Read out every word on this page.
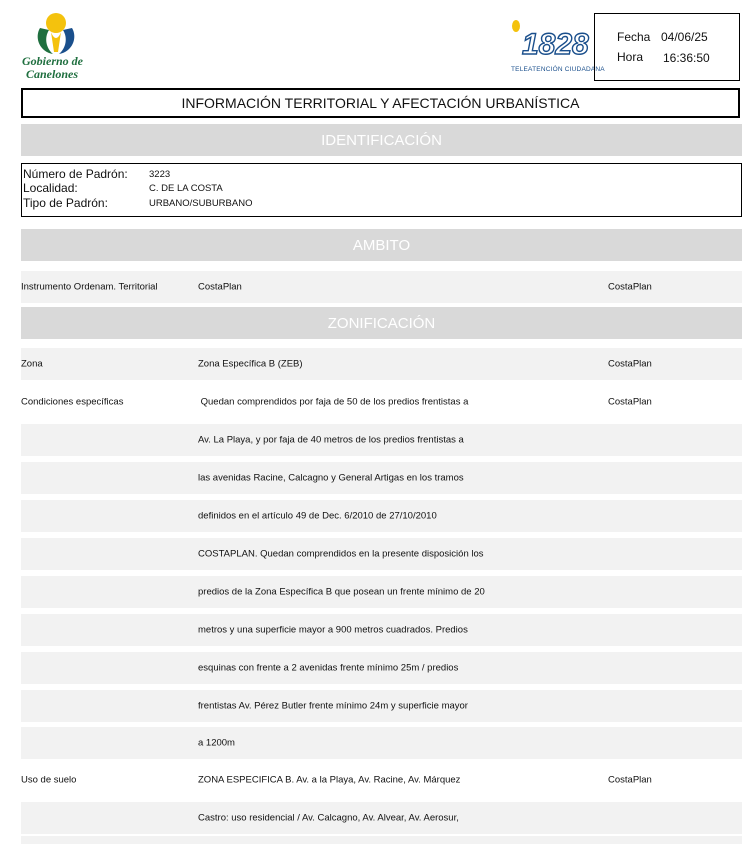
Gobierno de
Canelones
1828
TELEATENCIÓN CIUDADANA
Fecha 04/06/25
Hora 16:36:50
INFORMACIÓN TERRITORIAL Y AFECTACIÓN URBANÍSTICA
IDENTIFICACIÓN
Número de Padrón: 3223
Localidad:	C. DE LA COSTA
Tipo de Padrón:	URBANO/SUBURBANO
AMBITO
Instrumento Ordenam. Territorial	CostaPlan	CostaPlan
ZONIFICACIÓN
Zona	Zona Específica B (ZEB)	CostaPlan
Condiciones específicas	Quedan comprendidos por faja de 50 de los predios frentistas a	CostaPlan
Av. La Playa, y por faja de 40 metros de los predios frentistas a
las avenidas Racine, Calcagno y General Artigas en los tramos
definidos en el artículo 49 de Dec. 6/2010 de 27/10/2010
COSTAPLAN. Quedan comprendidos en la presente disposición los
predios de la Zona Específica B que posean un frente mínimo de 20
metros y una superficie mayor a 900 metros cuadrados. Predios
esquinas con frente a 2 avenidas frente mínimo 25m / predios
frentistas Av. Pérez Butler frente mínimo 24m y superficie mayor
a 1200m
Uso de suelo	ZONA ESPECIFICA B. Av. a la Playa, Av. Racine, Av. Márquez	CostaPlan
Castro: uso residencial / Av. Calcagno, Av. Alvear, Av. Aerosur,
